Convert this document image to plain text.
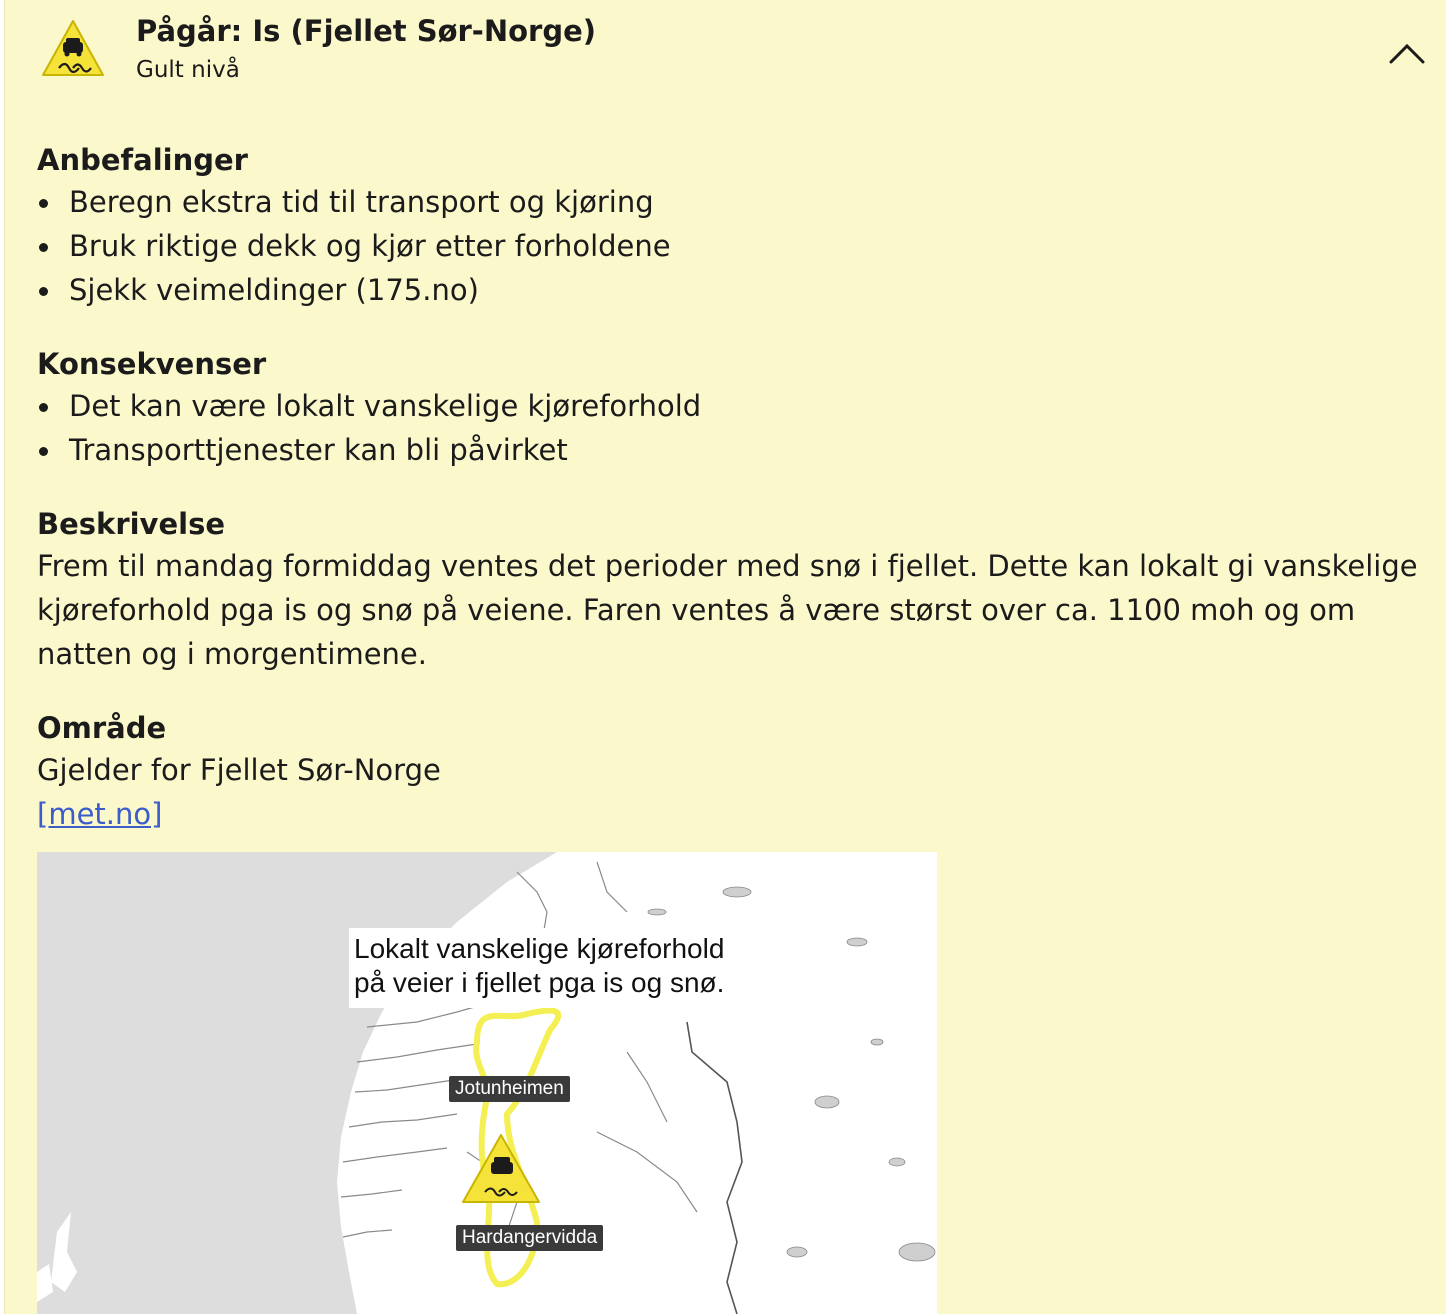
Pågår: Is (Fjellet Sør-Norge)
Gult nivå
Anbefalinger
Beregn ekstra tid til transport og kjøring
Bruk riktige dekk og kjør etter forholdene
Sjekk veimeldinger (175.no)
Konsekvenser
Det kan være lokalt vanskelige kjøreforhold
Transporttjenester kan bli påvirket
Beskrivelse

Frem til mandag formiddag ventes det perioder med snø i fjellet. Dette kan lokalt gi vanskelige kjøreforhold pga is og snø på veiene. Faren ventes å være størst over ca. 1100 moh og om natten og i morgentimene.

Område

Gjelder for Fjellet Sør-Norge

[met.no]
Lokalt vanskelige kjøreforhold
på veier i fjellet pga is og snø.
Jotunheimen
Hardangervidda
